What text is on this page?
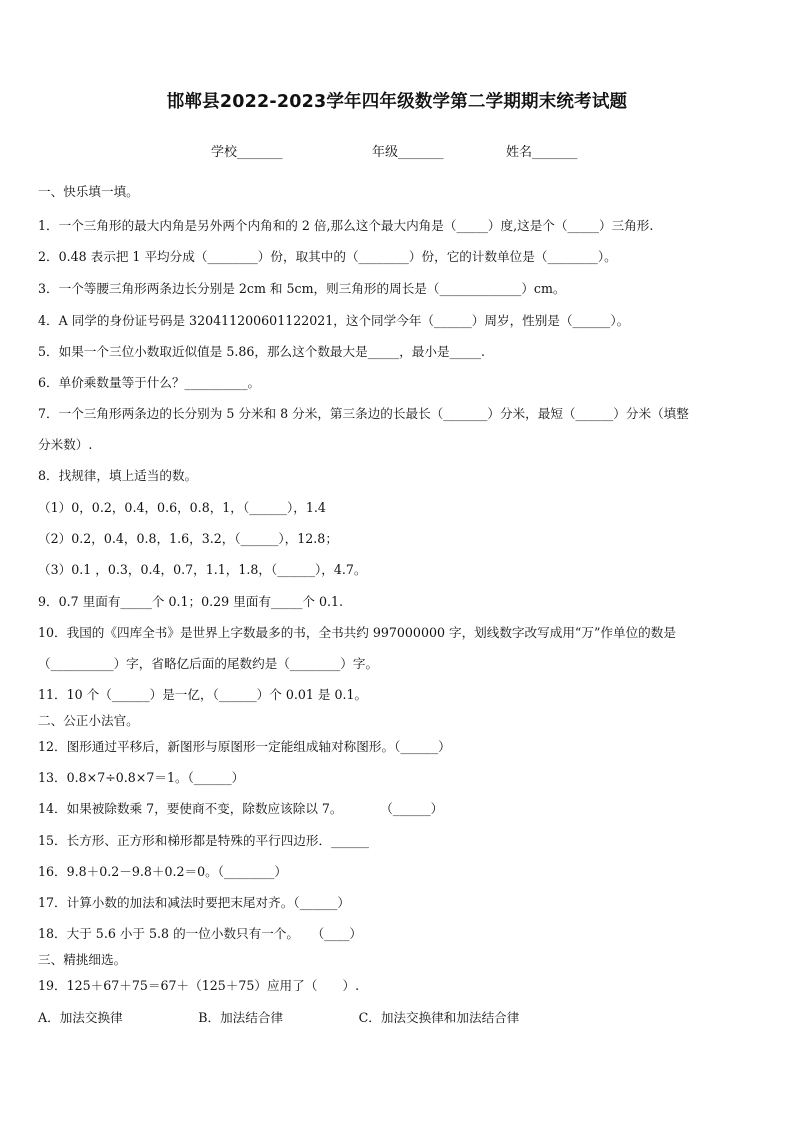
邯郸县2022-2023学年四年级数学第二学期期末统考试题
学校_______	年级_______	姓名_______
一、快乐填一填。
1．一个三角形的最大内角是另外两个内角和的 2 倍,那么这个最大内角是（_____）度,这是个（_____）三角形.
2．0.48 表示把 1 平均分成（________）份，取其中的（________）份，它的计数单位是（________）。
3．一个等腰三角形两条边长分别是 2cm 和 5cm，则三角形的周长是（_____________）cm。
4．A 同学的身份证号码是 320411200601122021，这个同学今年（______）周岁，性别是（______）。
5．如果一个三位小数取近似值是 5.86，那么这个数最大是_____，最小是_____.
6．单价乘数量等于什么？__________。
7．一个三角形两条边的长分别为 5 分米和 8 分米，第三条边的长最长（_______）分米，最短（______）分米（填整
分米数）.
8．找规律，填上适当的数。
（1）0，0.2，0.4，0.6，0.8，1，（______），1.4
（2）0.2，0.4，0.8，1.6，3.2，（______），12.8；
（3）0.1 ，0.3，0.4，0.7，1.1，1.8，（______），4.7。
9．0.7 里面有_____个 0.1；0.29 里面有_____个 0.1.
10．我国的《四库全书》是世界上字数最多的书，全书共约 997000000 字，划线数字改写成用“万”作单位的数是
（__________）字，省略亿后面的尾数约是（________）字。
11．10 个（______）是一亿，（______）个 0.01 是 0.1。
二、公正小法官。
12．图形通过平移后，新图形与原图形一定能组成轴对称图形。（______）
13．0.8×7÷0.8×7＝1。（______）
14．如果被除数乘 7，要使商不变，除数应该除以 7。　　　　（______）
15．长方形、正方形和梯形都是特殊的平行四边形．______
16．9.8＋0.2－9.8＋0.2＝0。（________）
17．计算小数的加法和减法时要把末尾对齐。（______）
18．大于 5.6 小于 5.8 的一位小数只有一个。　　（____）
三、精挑细选。
19．125＋67＋75＝67＋（125＋75）应用了（　　）.
A．加法交换律　　　　　　B．加法结合律　　　　　　C．加法交换律和加法结合律
